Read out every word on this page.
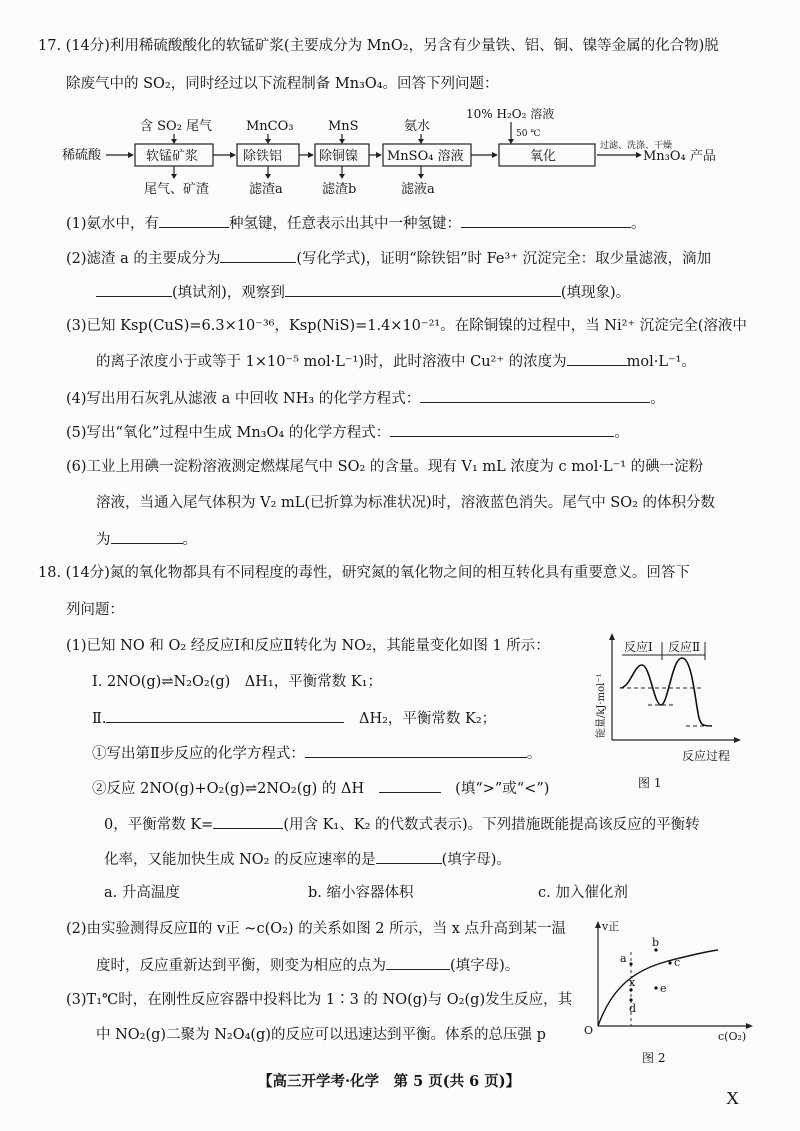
17. (14分)利用稀硫酸酸化的软锰矿浆(主要成分为 MnO₂，另含有少量铁、铝、铜、镍等金属的化合物)脱
除废气中的 SO₂，同时经过以下流程制备 Mn₃O₄。回答下列问题：
稀硫酸	软锰矿浆	除铁铝	除铜镍 MnSO₄ 溶液	氧化
过滤、洗涤、干燥
Mn₃O₄ 产品
含 SO₂ 尾气	MnCO₃	MnS	氨水
10% H₂O₂ 溶液
50 ℃
尾气、矿渣	滤渣a	滤渣b	滤液a
(1)氨水中，有	种氢键，任意表示出其中一种氢键：	。
(2)滤渣 a 的主要成分为	(写化学式)，证明“除铁铝”时 Fe³⁺ 沉淀完全：取少量滤液，滴加
(填试剂)，观察到	(填现象)。
(3)已知 Ksp(CuS)=6.3×10⁻³⁶，Ksp(NiS)=1.4×10⁻²¹。在除铜镍的过程中，当 Ni²⁺ 沉淀完全(溶液中
的离子浓度小于或等于 1×10⁻⁵ mol·L⁻¹)时，此时溶液中 Cu²⁺ 的浓度为	mol·L⁻¹。
(4)写出用石灰乳从滤液 a 中回收 NH₃ 的化学方程式：	。
(5)写出“氧化”过程中生成 Mn₃O₄ 的化学方程式：	。
(6)工业上用碘一淀粉溶液测定燃煤尾气中 SO₂ 的含量。现有 V₁ mL 浓度为 c mol·L⁻¹ 的碘一淀粉
溶液，当通入尾气体积为 V₂ mL(已折算为标准状况)时，溶液蓝色消失。尾气中 SO₂ 的体积分数
为	。
18. (14分)氮的氧化物都具有不同程度的毒性，研究氮的氧化物之间的相互转化具有重要意义。回答下
列问题：
(1)已知 NO 和 O₂ 经反应Ⅰ和反应Ⅱ转化为 NO₂，其能量变化如图 1 所示：
Ⅰ. 2NO(g)⇌N₂O₂(g)　ΔH₁，平衡常数 K₁；
Ⅱ.　	ΔH₂，平衡常数 K₂；
①写出第Ⅱ步反应的化学方程式：	。
②反应 2NO(g)+O₂(g)⇌2NO₂(g) 的 ΔH　　	(填“>”或“<”)
0，平衡常数 K=	(用含 K₁、K₂ 的代数式表示)。下列措施既能提高该反应的平衡转
化率，又能加快生成 NO₂ 的反应速率的是	(填字母)。
a. 升高温度	b. 缩小容器体积	c. 加入催化剂
(2)由实验测得反应Ⅱ的 v正 ~c(O₂) 的关系如图 2 所示，当 x 点升高到某一温
度时，反应重新达到平衡，则变为相应的点为	(填字母)。
(3)T₁℃时，在刚性反应容器中投料比为 1∶3 的 NO(g)与 O₂(g)发生反应，其
中 NO₂(g)二聚为 N₂O₄(g)的反应可以迅速达到平衡。体系的总压强 p
反应Ⅰ 反应Ⅱ
能量/kJ·mol⁻¹
反应过程
图 1
v正
c(O₂)
O
a
b
c
x
d
e
图 2
【高三开学考·化学　第 5 页(共 6 页)】
X
